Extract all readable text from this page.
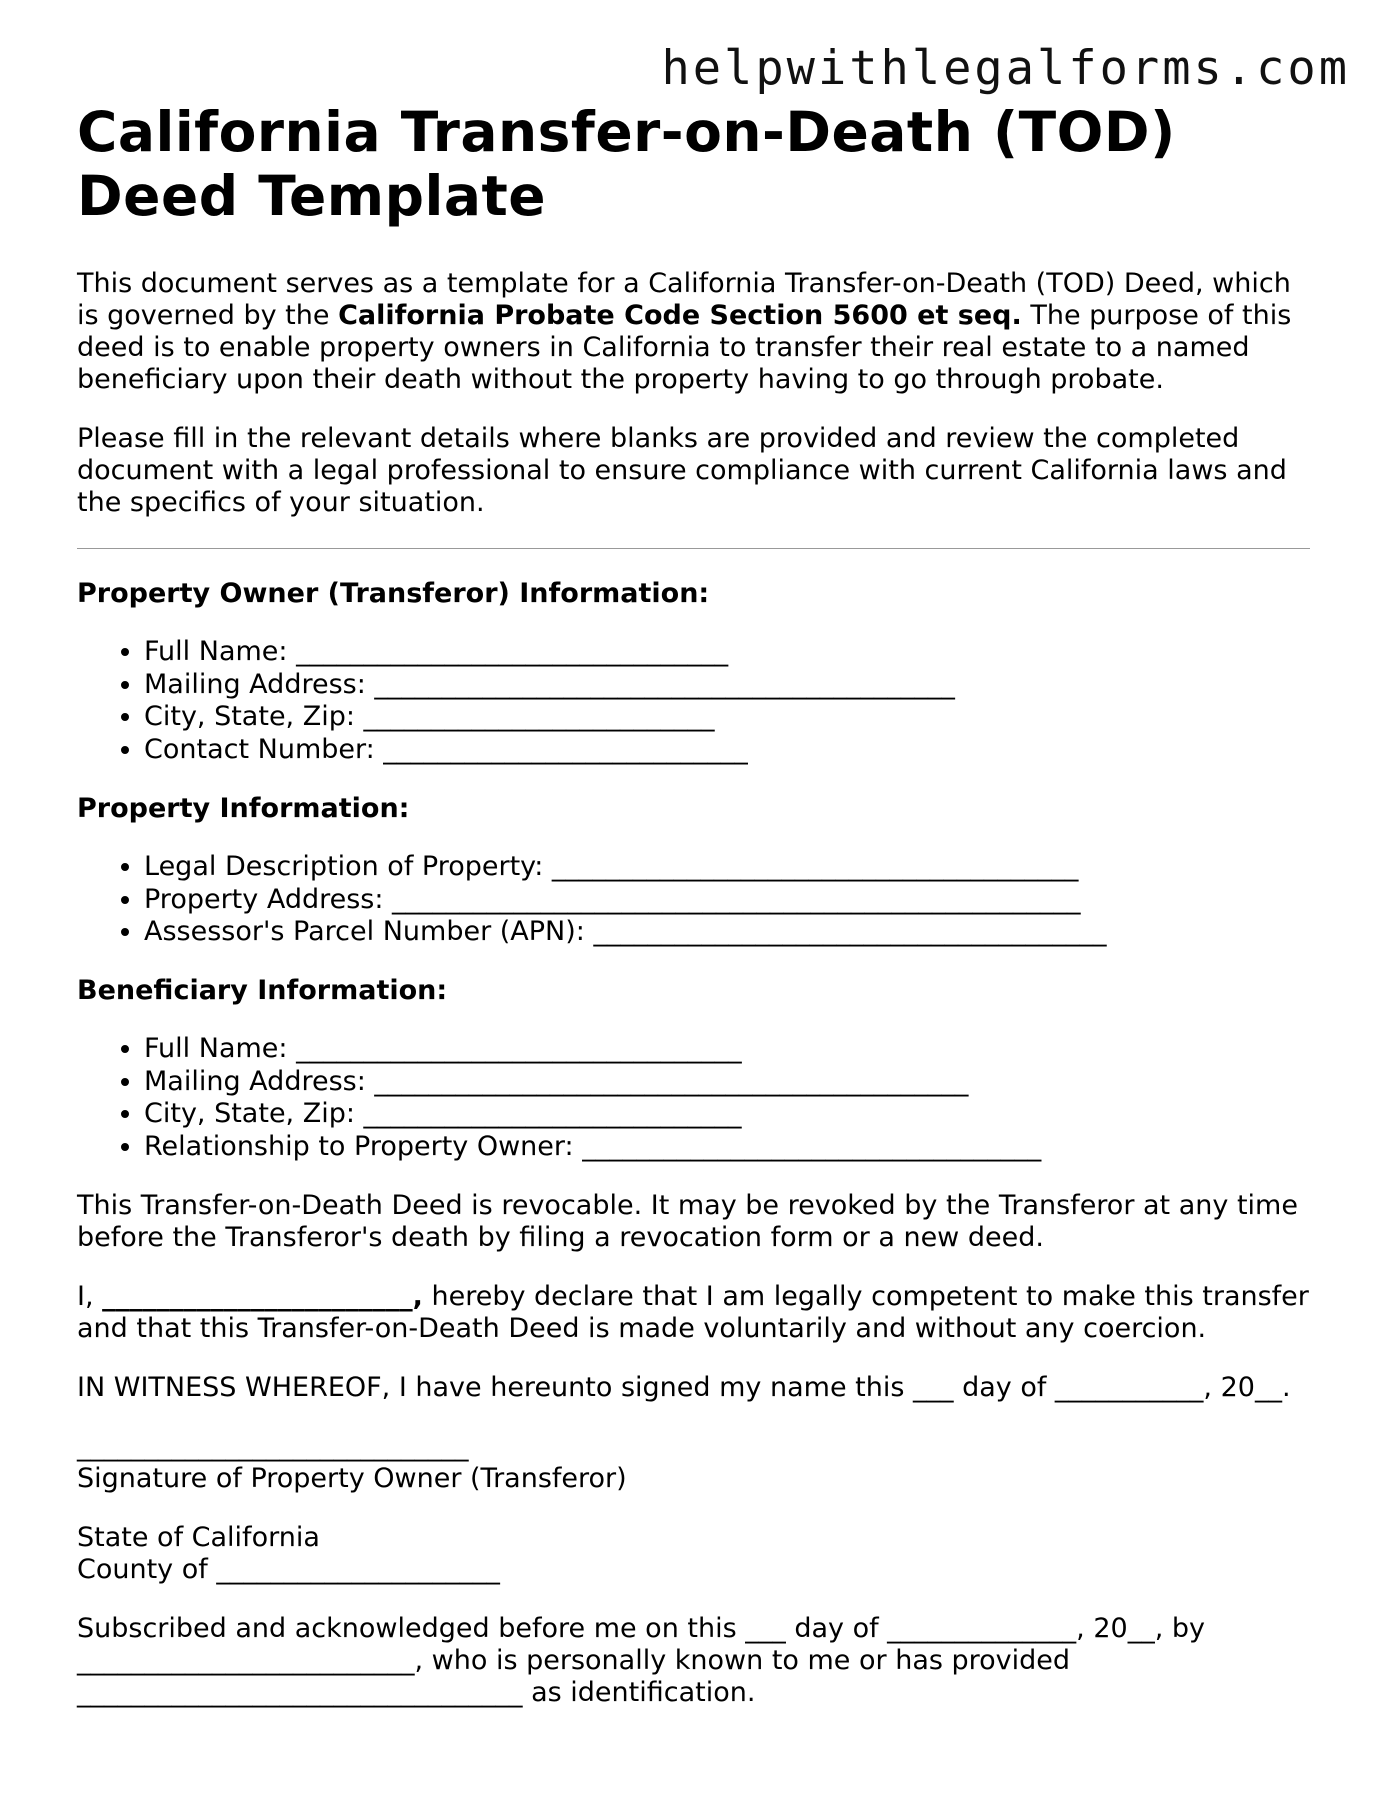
helpwithlegalforms.com
California Transfer-on-Death (TOD) Deed Template

This document serves as a template for a California Transfer-on-Death (TOD) Deed, which is governed by the California Probate Code Section 5600 et seq. The purpose of this deed is to enable property owners in California to transfer their real estate to a named beneficiary upon their death without the property having to go through probate.

Please fill in the relevant details where blanks are provided and review the completed document with a legal professional to ensure compliance with current California laws and the specifics of your situation.

Property Owner (Transferor) Information:

• Full Name: ________________________________
• Mailing Address: ___________________________________________
• City, State, Zip: __________________________
• Contact Number: ___________________________

Property Information:

• Legal Description of Property: _______________________________________
• Property Address: ___________________________________________________
• Assessor's Parcel Number (APN): ______________________________________

Beneficiary Information:

• Full Name: _________________________________
• Mailing Address: ____________________________________________
• City, State, Zip: ____________________________
• Relationship to Property Owner: __________________________________

This Transfer-on-Death Deed is revocable. It may be revoked by the Transferor at any time before the Transferor's death by filing a revocation form or a new deed.

I, _______________________, hereby declare that I am legally competent to make this transfer and that this Transfer-on-Death Deed is made voluntarily and without any coercion.

IN WITNESS WHEREOF, I have hereunto signed my name this ___ day of ___________, 20__.

_____________________________
Signature of Property Owner (Transferor)

State of California
County of _____________________

Subscribed and acknowledged before me on this ___ day of ______________, 20__, by
_________________________, who is personally known to me or has provided
_________________________________ as identification.
